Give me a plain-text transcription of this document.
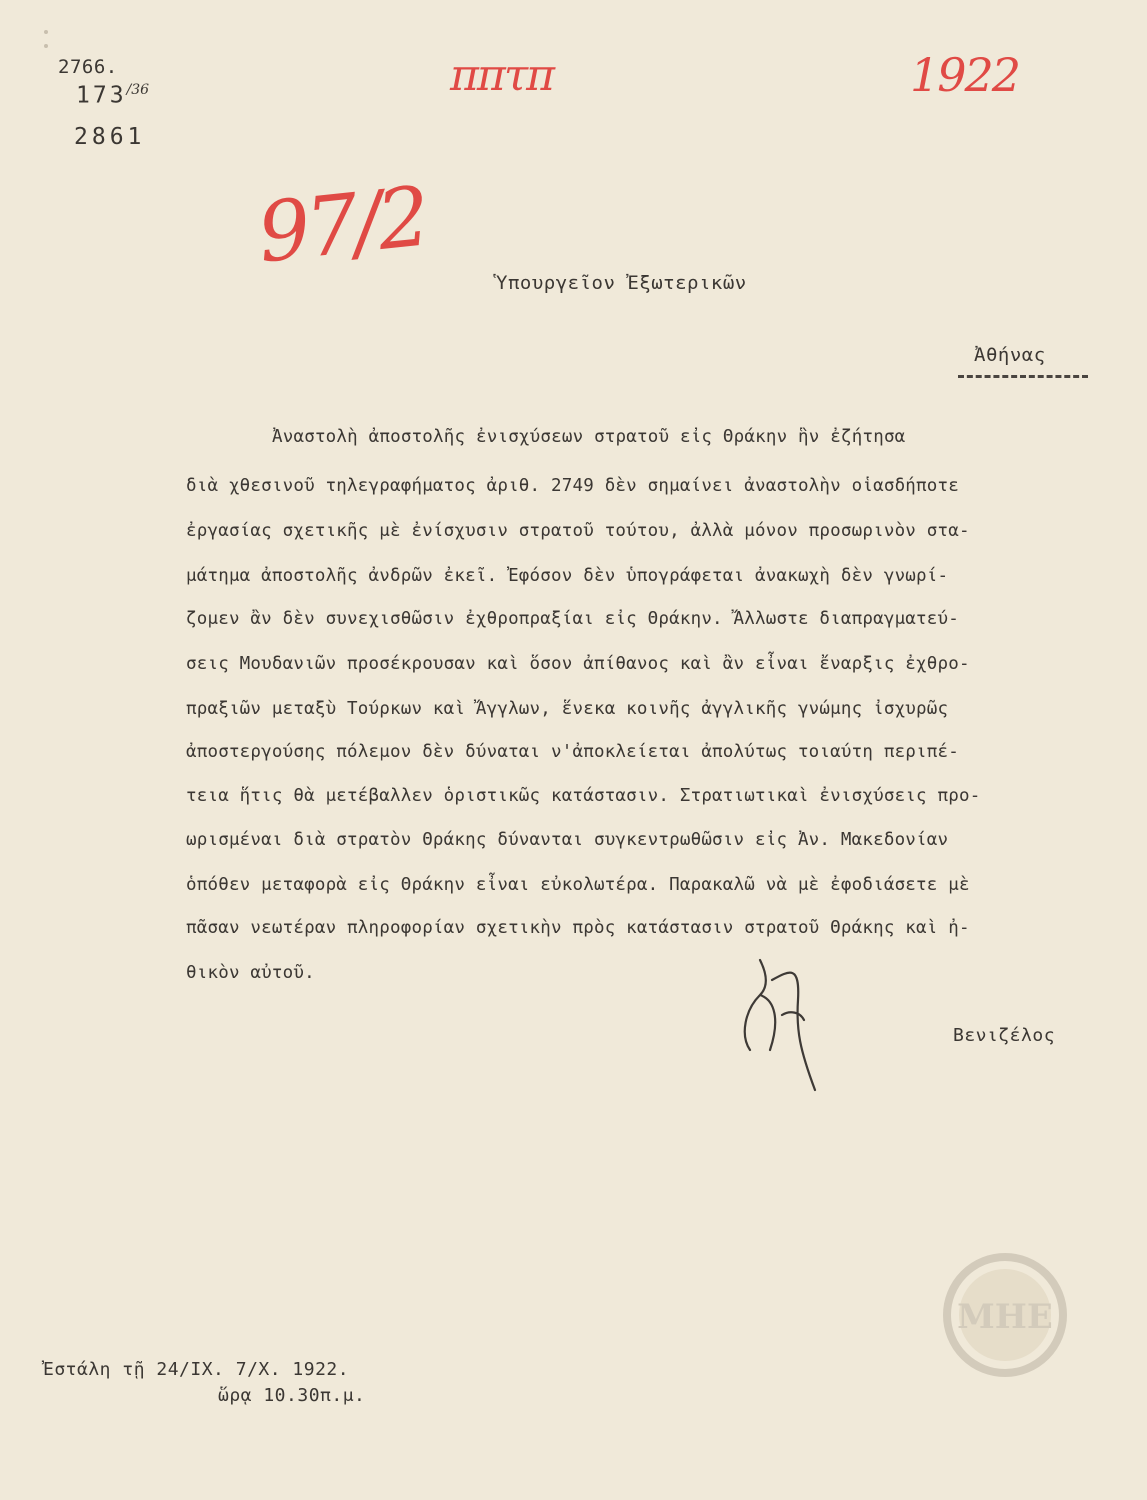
2766.
$173^{/36}$
2861
ππτπ	1922
97/2
Ὑπουργεῖον Ἐξωτερικῶν
Ἀθήνας
Ἀναστολὴ ἀποστολῆς ἐνισχύσεων στρατοῦ εἰς Θράκην ἣν ἐζήτησα
διὰ χθεσινοῦ τηλεγραφήματος ἀριθ. 2749 δὲν σημαίνει ἀναστολὴν οἱασδήποτε
ἐργασίας σχετικῆς μὲ ἐνίσχυσιν στρατοῦ τούτου, ἀλλὰ μόνον προσωρινὸν στα-
μάτημα ἀποστολῆς ἀνδρῶν ἐκεῖ. Ἐφόσον δὲν ὑπογράφεται ἀνακωχὴ δὲν γνωρί-
ζομεν ἂν δὲν συνεχισθῶσιν ἐχθροπραξίαι εἰς Θράκην. Ἄλλωστε διαπραγματεύ-
σεις Μουδανιῶν προσέκρουσαν καὶ ὅσον ἀπίθανος καὶ ἂν εἶναι ἔναρξις ἐχθρο-
πραξιῶν μεταξὺ Τούρκων καὶ Ἄγγλων, ἕνεκα κοινῆς ἀγγλικῆς γνώμης ἰσχυρῶς
ἀποστεργούσης πόλεμον δὲν δύναται ν'ἀποκλείεται ἀπολύτως τοιαύτη περιπέ-
τεια ἥτις θὰ μετέβαλλεν ὁριστικῶς κατάστασιν. Στρατιωτικαὶ ἐνισχύσεις προ-
ωρισμέναι διὰ στρατὸν Θράκης δύνανται συγκεντρωθῶσιν εἰς Ἀν. Μακεδονίαν
ὁπόθεν μεταφορὰ εἰς Θράκην εἶναι εὐκολωτέρα. Παρακαλῶ νὰ μὲ ἐφοδιάσετε μὲ
πᾶσαν νεωτέραν πληροφορίαν σχετικὴν πρὸς κατάστασιν στρατοῦ Θράκης καὶ ἠ-
θικὸν αὐτοῦ.
Βενιζέλος
ΜΗΕ
Ἐστάλη τῇ 24/ΙΧ. 7/Χ. 1922.
ὥρᾳ 10.30π.μ.
